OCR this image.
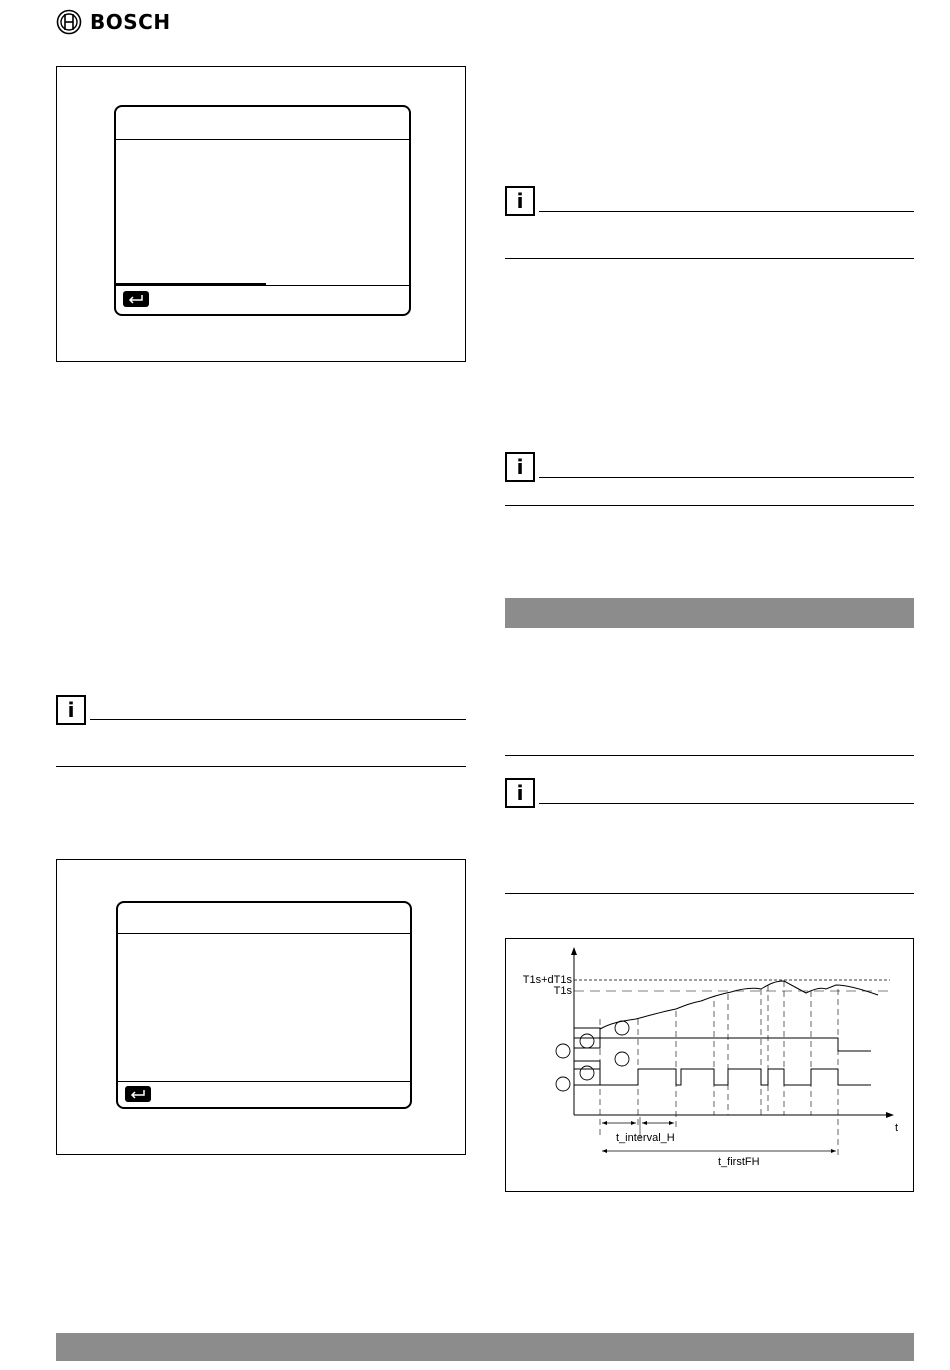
BOSCH
i
i
i
i
T1s+dT1s
T1s
t_interval_H
t_firstFH
t
